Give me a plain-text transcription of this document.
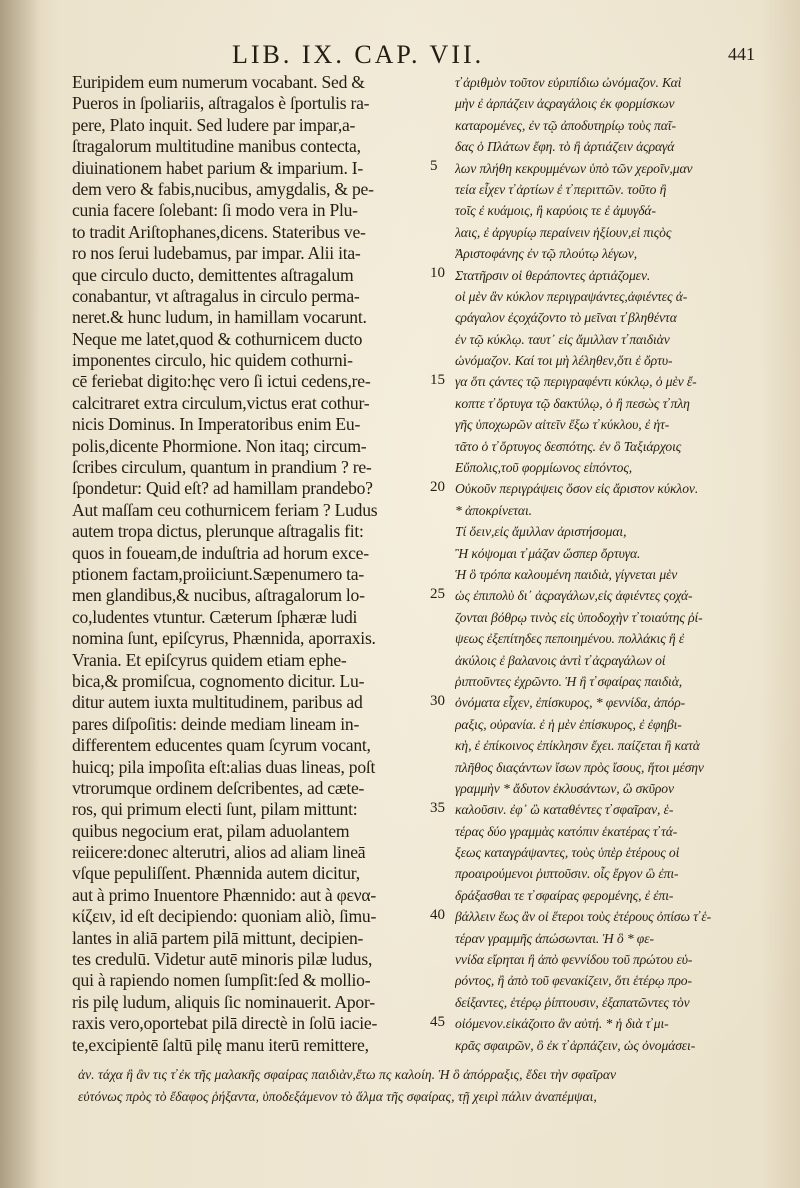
LIB. IX. CAP. VII.	441
Euripidem eum numerum vocabant. Sed &
Pueros in ſpoliariis, aſtragalos è ſportulis ra-
pere, Plato inquit. Sed ludere par impar,a-
ſtragalorum multitudine manibus contecta,
diuinationem habet parium & imparium. I-
dem vero & fabis,nucibus, amygdalis, & pe-
cunia facere ſolebant: ſi modo vera in Plu-
to tradit Ariſtophanes,dicens. Stateribus ve-
ro nos ſerui ludebamus, par impar. Alii ita-
que circulo ducto, demittentes aſtragalum
conabantur, vt aſtragalus in circulo perma-
neret.& hunc ludum, in hamillam vocarunt.
Neque me latet,quod & cothurnicem ducto
imponentes circulo, hic quidem cothurni-
cē feriebat digito:hęc vero ſi ictui cedens,re-
calcitraret extra circulum,victus erat cothur-
nicis Dominus. In Imperatoribus enim Eu-
polis,dicente Phormione. Non itaq; circum-
ſcribes circulum, quantum in prandium ? re-
ſpondetur: Quid eſt? ad hamillam prandebo?
Aut maſſam ceu cothurnicem feriam ? Ludus
autem tropa dictus, plerunque aſtragalis fit:
quos in foueam,de induſtria ad horum exce-
ptionem factam,proiiciunt.Sæpenumero ta-
men glandibus,& nucibus, aſtragalorum lo-
co,ludentes vtuntur. Cæterum ſphæræ ludi
nomina ſunt, epiſcyrus, Phænnida, aporraxis.
Vrania. Et epiſcyrus quidem etiam ephe-
bica,& promiſcua, cognomento dicitur. Lu-
ditur autem iuxta multitudinem, paribus ad
pares diſpoſitis: deinde mediam lineam in-
differentem educentes quam ſcyrum vocant,
huicq; pila impoſita eſt:alias duas lineas, poſt
vtrorumque ordinem deſcribentes, ad cæte-
ros, qui primum electi ſunt, pilam mittunt:
quibus negocium erat, pilam aduolantem
reiicere:donec alterutri, alios ad aliam lineā
vſque pepuliſſent. Phænnida autem dicitur,
aut à primo Inuentore Phænnido: aut à φενα-
κίζειν, id eſt decipiendo: quoniam aliò, ſimu-
lantes in aliā partem pilā mittunt, decipien-
tes credulū. Videtur autē minoris pilæ ludus,
qui à rapiendo nomen ſumpſit:ſed & mollio-
ris pilę ludum, aliquis ſic nominauerit. Apor-
raxis vero,oportebat pilā directè in ſolū iacie-
te,excipientē ſaltū pilę manu iterū remittere,
τ̓ ἀριθμὸν τοῦτον εὐριπίδιω ὠνόμαζον. Καὶ
μὴν ἐ ἀρπάζειν ἀςραγάλοις ἐκ φορμίσκων
καταρομένες, ἐν τῷ ἀποδυτηρίῳ τοὺς παῖ-
δας ὁ Πλάτων ἔφη. τὸ ἢ ἀρτιάζειν ἀςραγά
λων πλήθη κεκρυμμένων ὑπὸ τῶν χεροῖν,μαν
τεία εἶχεν τ̓ ἀρτίων ἐ τ̓ περιττῶν. τοῦτο ἢ
τοῖς ἐ κυάμοις, ἢ καρύοις τε ἐ ἀμυγδά-
λαις, ἐ ἀργυρίῳ περαίνειν ἠξίουν,εἰ πιςὸς
Ἀριστοφάνης ἐν τῷ πλούτῳ λέγων,
Στατῆρσιν οἱ θεράποντες ἀρτιάζομεν.
οἱ μὲν ἂν κύκλον περιγραψάντες,ἀφιέντες ἀ-
ςράγαλον ἐςοχάζοντο τὸ μεῖναι τ̓ βληθέντα
ἐν τῷ κύκλῳ. ταυτ᾿ εἰς ἄμιλλαν τ̓ παιδιὰν
ὠνόμαζον. Καί τοι μὴ λέληθεν,ὅτι ἐ ὄρτυ-
γα ὅτι ςάντες τῷ περιγραφέντι κύκλῳ, ὁ μὲν ἔ-
κοπτε τ̓ ὄρτυγα τῷ δακτύλῳ, ὁ ἢ πεσὼς τ̓ πλη
γῆς ὑποχωρῶν αἰτεῖν ἔξω τ̓ κύκλου, ἐ ἡτ-
τᾶτο ὁ τ̓ ὄρτυγος δεσπότης. ἐν ὃ Ταξιάρχοις
Εὔπολις,τοῦ φορμίωνος εἰπόντος,
Οὐκοῦν περιγράψεις ὅσον εἰς ἄριστον κύκλον.
* ἀποκρίνεται.
Τί ὅειν,εἰς ἄμιλλαν ἀριστήσομαι,
Ἢ κόψομαι τ̓ μάζαν ὥσπερ ὄρτυγα.
Ἡ ὃ τρόπα καλουμένη παιδιὰ, γίγνεται μὲν
ὡς ἐπιπολὺ δι᾿ ἀςραγάλων,εἰς ἀφιέντες ςοχά-
ζονται βόθρῳ τινὸς εἰς ὑποδοχὴν τ̓ τοιαύτης ῥί-
ψεως ἐξεπίτηδες πεποιημένου. πολλάκις ἢ ἐ
ἀκύλοις ἐ βαλανοις ἀντὶ τ̓ ἀςραγάλων οἱ
ῥιπτοῦντες ἐχρῶντο. Ἡ ἢ τ̓ σφαίρας παιδιὰ,
ὀνόματα εἶχεν, ἐπίσκυρος, * φεννίδα, ἀπόρ-
ραξις, οὐρανία. ἐ ἡ μὲν ἐπίσκυρος, ἐ ἐφηβι-
κὴ, ἐ ἐπίκοινος ἐπίκλησιν ἔχει. παίζεται ἢ κατὰ
πλῆθος διαςάντων ἴσων πρὸς ἴσους, ἥτοι μέσην
γραμμὴν * ἄδυτον ἐκλυσάντων, ὣ σκῦρον
καλοῦσιν. ἐφ᾿ ὣ καταθέντες τ̓ σφαῖραν, ἑ-
τέρας δύο γραμμὰς κατόπιν ἑκατέρας τ̓ τά-
ξεως καταγράψαντες, τοὺς ὑπὲρ ἑτέρους οἱ
προαιρούμενοι ῥιπτοῦσιν. οἷς ἔργον ὣ ἐπι-
δράξασθαι τε τ̓ σφαίρας φερομένης, ἐ ἐπι-
βάλλειν ἕως ἂν οἱ ἕτεροι τοὺς ἑτέρους ὀπίσω τ̓ ἑ-
τέραν γραμμῆς ἀπώσωνται. Ἡ ὃ * φε-
ννίδα εἴρηται ἢ ἀπὸ φεννίδου τοῦ πρώτου εὑ-
ρόντος, ἢ ἀπὸ τοῦ φενακίζειν, ὅτι ἑτέρῳ προ-
δείξαντες, ἑτέρῳ ῥίπτουσιν, ἐξαπατῶντες τὸν
οἰόμενον.εἰκάζοιτο ἂν αὐτή. * ἡ διὰ τ̓ μι-
κρᾶς σφαιρῶν, ὃ ἐκ τ̓ ἁρπάζειν, ὡς ὀνομάσει-
5
10
15
20
25
30
35
40
45
ἀν. τάχα ἢ ἂν τις τ̓ ἐκ τῆς μαλακῆς σφαίρας παιδιὰν,ἔτω πς καλοίη. Ἡ ὃ ἀπόρραξις, ἔδει τὴν σφαῖραν
εὐτόνως πρὸς τὸ ἔδαφος ῥήξαντα, ὑποδεξάμενον τὸ ἅλμα τῆς σφαίρας, τῇ χειρὶ πάλιν ἀναπέμψαι,
